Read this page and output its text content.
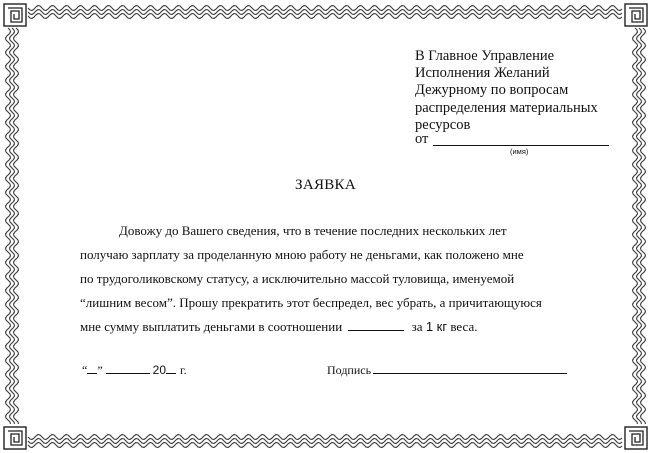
В Главное Управление
Исполнения Желаний
Дежурному по вопросам
распределения материальных
ресурсов
от
(имя)
ЗАЯВКА
Довожу до Вашего сведения, что в течение последних нескольких лет
получаю зарплату за проделанную мною работу не деньгами, как положено мне
по трудоголиковскому статусу, а исключительно массой туловища, именуемой
“лишним весом”. Прошу прекратить этот беспредел, вес убрать, а причитающуюся
мне сумму выплатить деньгами в соотношении	за 1 кг веса.
“ ”	20 г.	Подпись
